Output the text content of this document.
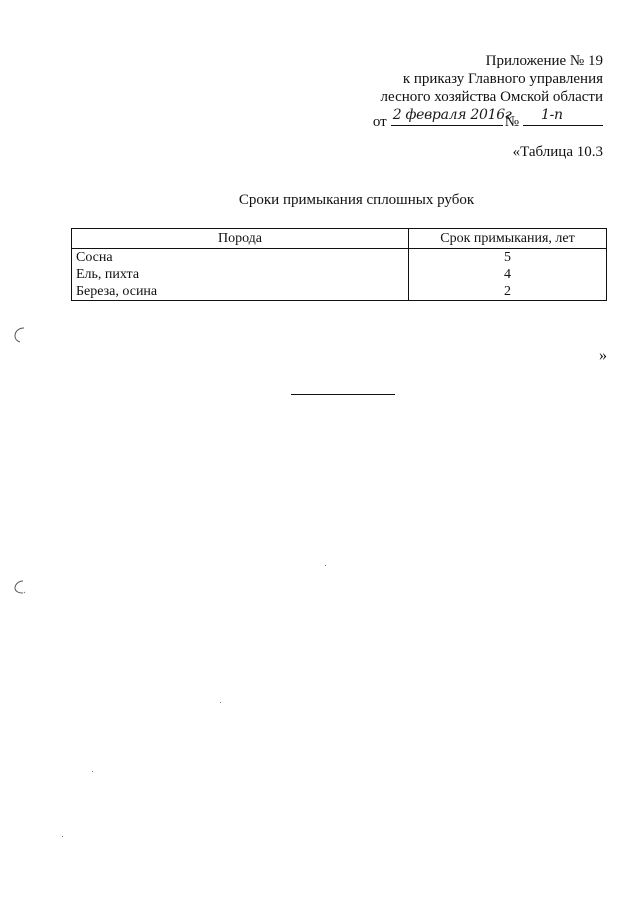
Приложение № 19
к приказу Главного управления
лесного хозяйства Омской области
от 2 февраля 2016г
№ 1-п
«Таблица 10.3
Сроки примыкания сплошных рубок
Порода	Срок примыкания, лет
Сосна	5
Ель, пихта	4
Береза, осина	2
»
